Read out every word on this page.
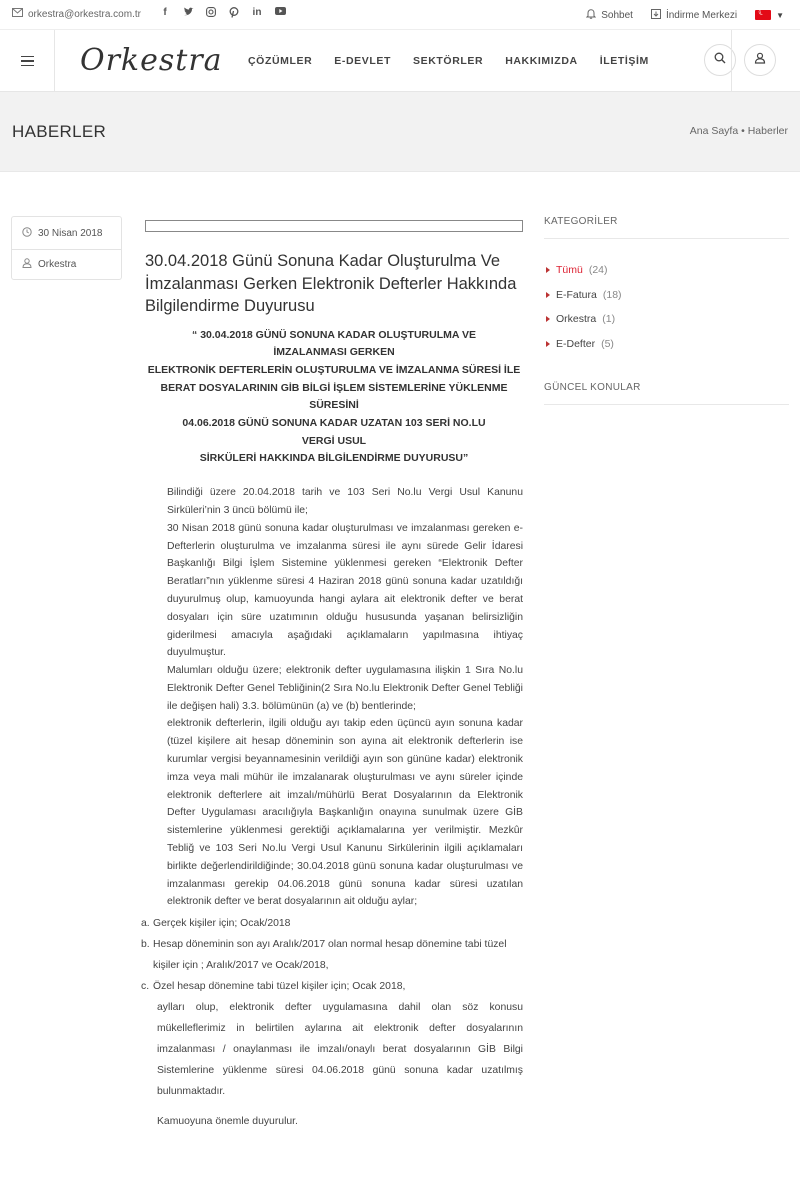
orkestra@orkestra.com.tr	f	in	Sohbet	İndirme Merkezi
☾	▼
Orkestra ÇÖZÜMLER E-DEVLET SEKTÖRLER HAKKIMIZDA İLETİŞİM
HABERLER	Ana Sayfa • Haberler
30 Nisan 2018
Orkestra	30.04.2018 Günü Sonuna Kadar Oluşturulma Ve İmzalanması Gerken Elektronik Defterler Hakkında Bilgilendirme Duyurusu
“ 30.04.2018 GÜNÜ SONUNA KADAR OLUŞTURULMA VE İMZALANMASI GERKEN
ELEKTRONİK DEFTERLERİN OLUŞTURULMA VE İMZALANMA SÜRESİ İLE BERAT DOSYALARININ GİB BİLGİ İŞLEM SİSTEMLERİNE YÜKLENME SÜRESİNİ
04.06.2018 GÜNÜ SONUNA KADAR UZATAN 103 SERİ NO.LU VERGİ USUL
SİRKÜLERİ HAKKINDA BİLGİLENDİRME DUYURUSU”

Bilindiği üzere 20.04.2018 tarih ve 103 Seri No.lu Vergi Usul Kanunu Sirküleri’nin 3 üncü bölümü ile;

30 Nisan 2018 günü sonuna kadar oluşturulması ve imzalanması gereken e-Defterlerin oluşturulma ve imzalanma süresi ile aynı sürede Gelir İdaresi Başkanlığı Bilgi İşlem Sistemine yüklenmesi gereken “Elektronik Defter Beratları”nın yüklenme süresi 4 Haziran 2018 günü sonuna kadar uzatıldığı duyurulmuş olup, kamuoyunda hangi aylara ait elektronik defter ve berat dosyaları için süre uzatımının olduğu hususunda yaşanan belirsizliğin giderilmesi amacıyla aşağıdaki açıklamaların yapılmasına ihtiyaç duyulmuştur.

Malumları olduğu üzere; elektronik defter uygulamasına ilişkin 1 Sıra No.lu Elektronik Defter Genel Tebliğinin(2 Sıra No.lu Elektronik Defter Genel Tebliği ile değişen hali) 3.3. bölümünün (a) ve (b) bentlerinde;

elektronik defterlerin, ilgili olduğu ayı takip eden üçüncü ayın sonuna kadar (tüzel kişilere ait hesap döneminin son ayına ait elektronik defterlerin ise kurumlar vergisi beyannamesinin verildiği ayın son gününe kadar) elektronik imza veya mali mühür ile imzalanarak oluşturulması ve aynı süreler içinde elektronik defterlere ait imzalı/mühürlü Berat Dosyalarının da Elektronik Defter Uygulaması aracılığıyla Başkanlığın onayına sunulmak üzere GİB sistemlerine yüklenmesi gerektiği açıklamalarına yer verilmiştir. Mezkûr Tebliğ ve 103 Seri No.lu Vergi Usul Kanunu Sirkülerinin ilgili açıklamaları birlikte değerlendirildiğinde; 30.04.2018 günü sonuna kadar oluşturulması ve imzalanması gerekip 04.06.2018 günü sonuna kadar süresi uzatılan elektronik defter ve berat dosyalarının ait olduğu aylar;

a. Gerçek kişiler için; Ocak/2018
b. Hesap döneminin son ayı Aralık/2017 olan normal hesap dönemine tabi tüzel kişiler için ; Aralık/2017 ve Ocak/2018,
c. Özel hesap dönemine tabi tüzel kişiler için; Ocak 2018,
aylları olup, elektronik defter uygulamasına dahil olan söz konusu mükelleflerimiz in belirtilen aylarına ait elektronik defter dosyalarının imzalanması / onaylanması ile imzalı/onaylı berat dosyalarının GİB Bilgi Sistemlerine yüklenme süresi 04.06.2018 günü sonuna kadar uzatılmış bulunmaktadır.
Kamuoyuna önemle duyurulur.
KATEGORİLER
Tümü (24)
E-Fatura (18)
Orkestra (1)
E-Defter (5)
GÜNCEL KONULAR
